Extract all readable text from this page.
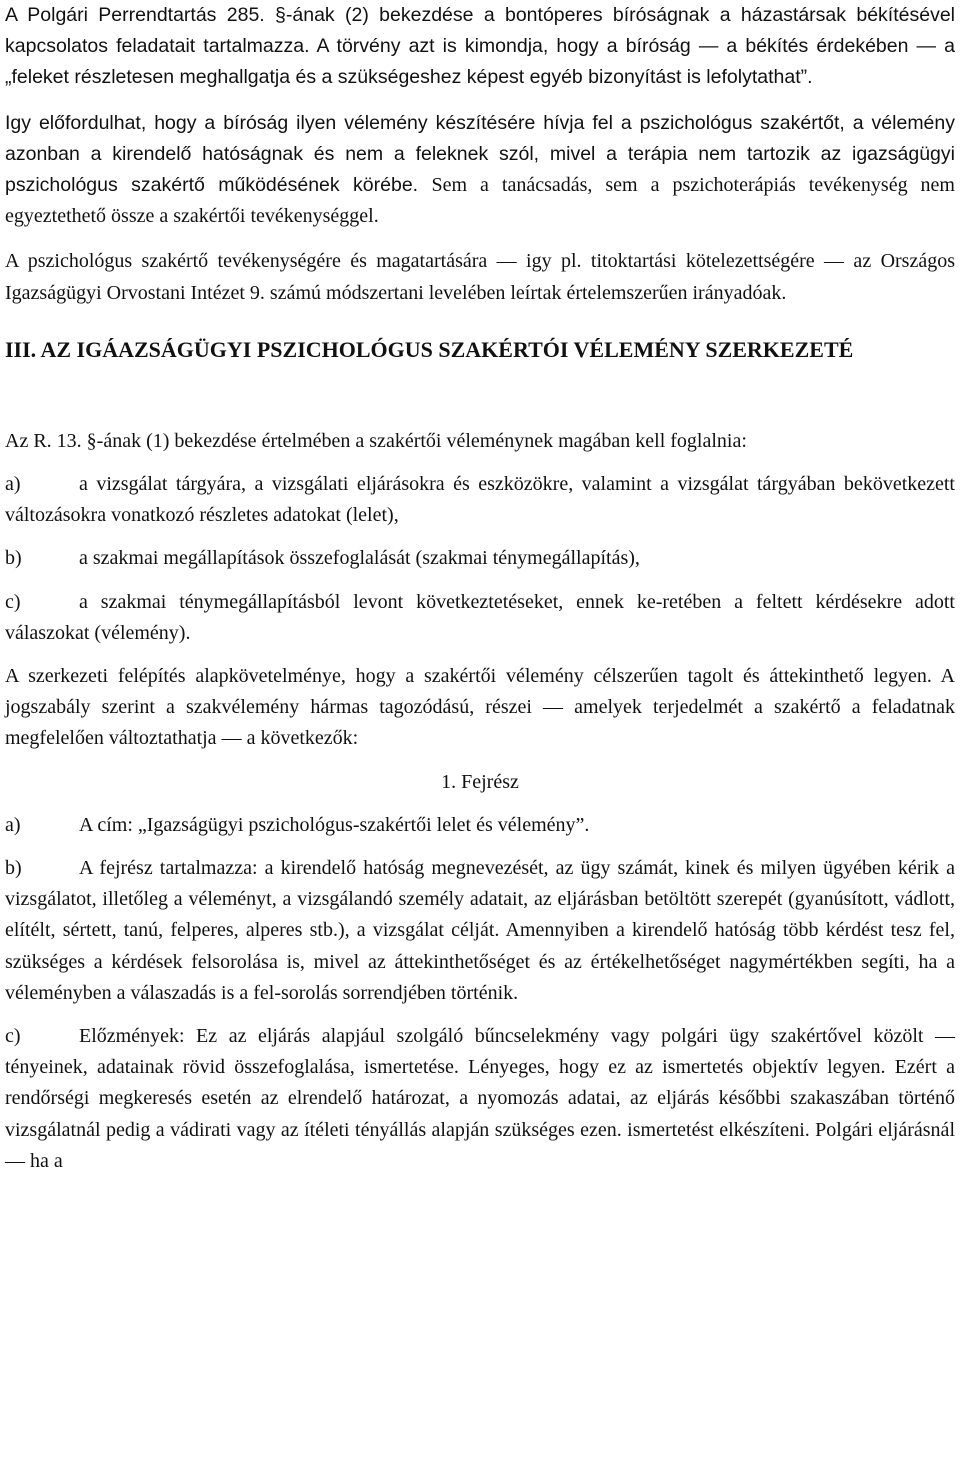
A Polgári Perrendtartás 285. §-ának (2) bekezdése a bontóperes bíróságnak a házastársak békítésével kapcsolatos feladatait tartalmazza. A törvény azt is kimondja, hogy a bíróság — a békítés érdekében — a „feleket részletesen meghallgatja és a szükségeshez képest egyéb bizonyítást is lefolytathat”.

Igy előfordulhat, hogy a bíróság ilyen vélemény készítésére hívja fel a pszichológus szakértőt, a vélemény azonban a kirendelő hatóságnak és nem a feleknek szól, mivel a terápia nem tartozik az igazságügyi pszichológus szakértő működésének körébe. Sem a tanácsadás, sem a pszichoterápiás tevékenység nem egyeztethető össze a szakértői tevékenységgel.

A pszichológus szakértő tevékenységére és magatartására — igy pl. titoktartási kötelezettségére — az Országos Igazságügyi Orvostani Intézet 9. számú módszertani levelében leírtak értelemszerűen irányadóak.

III. AZ IGÁAZSÁGÜGYI PSZICHOLÓGUS SZAKÉRTÓI VÉLEMÉNY SZERKEZETÉ

Az R. 13. §-ának (1) bekezdése értelmében a szakértői véleménynek magában kell foglalnia:

a)	a vizsgálat tárgyára, a vizsgálati eljárásokra és eszközökre, valamint a vizsgálat tárgyában bekövetkezett változásokra vonatkozó részletes adatokat (lelet),

b)	a szakmai megállapítások összefoglalását (szakmai ténymegállapítás),

c)	a szakmai ténymegállapításból levont következtetéseket, ennek ke-retében a feltett kérdésekre adott válaszokat (vélemény).

A szerkezeti felépítés alapkövetelménye, hogy a szakértői vélemény célszerűen tagolt és áttekinthető legyen. A jogszabály szerint a szakvélemény hármas tagozódású, részei — amelyek terjedelmét a szakértő a feladatnak megfelelően változtathatja — a következők:

1. Fejrész

a)	A cím: „Igazságügyi pszichológus-szakértői lelet és vélemény”.

b)	A fejrész tartalmazza: a kirendelő hatóság megnevezését, az ügy számát, kinek és milyen ügyében kérik a vizsgálatot, illetőleg a véleményt, a vizsgálandó személy adatait, az eljárásban betöltött szerepét (gyanúsított, vádlott, elítélt, sértett, tanú, felperes, alperes stb.), a vizsgálat célját. Amennyiben a kirendelő hatóság több kérdést tesz fel, szükséges a kérdések felsorolása is, mivel az áttekinthetőséget és az értékelhetőséget nagymértékben segíti, ha a véleményben a válaszadás is a fel-sorolás sorrendjében történik.

c)	Előzmények: Ez az eljárás alapjául szolgáló bűncselekmény vagy polgári ügy szakértővel közölt — tényeinek, adatainak rövid összefoglalása, ismertetése. Lényeges, hogy ez az ismertetés objektív legyen. Ezért a rendőrségi megkeresés esetén az elrendelő határozat, a nyomozás adatai, az eljárás későbbi szakaszában történő vizsgálatnál pedig a vádirati vagy az ítéleti tényállás alapján szükséges ezen. ismertetést elkészíteni. Polgári eljárásnál — ha a
